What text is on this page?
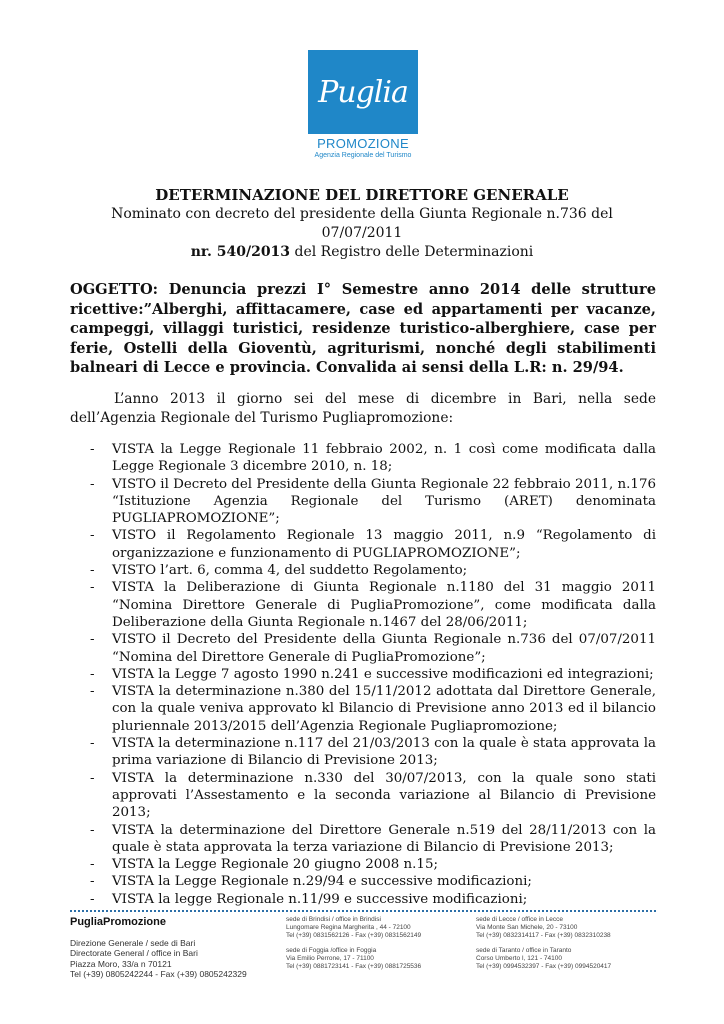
Puglia
PROMOZIONE
Agenzia Regionale del Turismo
DETERMINAZIONE DEL DIRETTORE GENERALE
Nominato con decreto del presidente della Giunta Regionale n.736 del 07/07/2011
nr. 540/2013 del Registro delle Determinazioni
OGGETTO: Denuncia prezzi I° Semestre anno 2014 delle strutture ricettive:”Alberghi, affittacamere, case ed appartamenti per vacanze, campeggi, villaggi turistici, residenze turistico-alberghiere, case per ferie, Ostelli della Gioventù, agriturismi, nonché degli stabilimenti balneari di Lecce e provincia. Convalida ai sensi della L.R: n. 29/94.
L’anno 2013 il giorno sei del mese di dicembre in Bari, nella sede dell’Agenzia Regionale del Turismo Pugliapromozione:
- VISTA la Legge Regionale 11 febbraio 2002, n. 1 così come modificata dalla Legge Regionale 3 dicembre 2010, n. 18;
- VISTO il Decreto del Presidente della Giunta Regionale 22 febbraio 2011, n.176 “Istituzione Agenzia Regionale del Turismo (ARET) denominata PUGLIAPROMOZIONE”;
- VISTO il Regolamento Regionale 13 maggio 2011, n.9 “Regolamento di organizzazione e funzionamento di PUGLIAPROMOZIONE”;
- VISTO l’art. 6, comma 4, del suddetto Regolamento;
- VISTA la Deliberazione di Giunta Regionale n.1180 del 31 maggio 2011 “Nomina Direttore Generale di PugliaPromozione”, come modificata dalla Deliberazione della Giunta Regionale n.1467 del 28/06/2011;
- VISTO il Decreto del Presidente della Giunta Regionale n.736 del 07/07/2011 “Nomina del Direttore Generale di PugliaPromozione”;
- VISTA la Legge 7 agosto 1990 n.241 e successive modificazioni ed integrazioni;
- VISTA la determinazione n.380 del 15/11/2012 adottata dal Direttore Generale, con la quale veniva approvato kl Bilancio di Previsione anno 2013 ed il bilancio pluriennale 2013/2015 dell’Agenzia Regionale Pugliapromozione;
- VISTA la determinazione n.117 del 21/03/2013 con la quale è stata approvata la prima variazione di Bilancio di Previsione 2013;
- VISTA la determinazione n.330 del 30/07/2013, con la quale sono stati approvati l’Assestamento e la seconda variazione al Bilancio di Previsione 2013;
- VISTA la determinazione del Direttore Generale n.519 del 28/11/2013 con la quale è stata approvata la terza variazione di Bilancio di Previsione 2013;
- VISTA la Legge Regionale 20 giugno 2008 n.15;
- VISTA la Legge Regionale n.29/94 e successive modificazioni;
- VISTA la legge Regionale n.11/99 e successive modificazioni;
PugliaPromozione
Direzione Generale / sede di Bari
Directorate General / office in Bari
Piazza Moro, 33/a n 70121
Tel (+39) 0805242244 - Fax (+39) 0805242329
sede di Brindisi / office in Brindisi
Lungomare Regina Margherita , 44 - 72100
Tel (+39) 0831562126 - Fax (+39) 0831562149
sede di Foggia /office in Foggia
Via Emilio Perrone, 17 - 71100
Tel (+39) 0881723141 - Fax (+39) 0881725536
sede di Lecce / office in Lecce
Via Monte San Michele, 20 - 73100
Tel (+39) 0832314117 - Fax (+39) 0832310238
sede di Taranto / office in Taranto
Corso Umberto I, 121 - 74100
Tel (+39) 0994532397 - Fax (+39) 0994520417
